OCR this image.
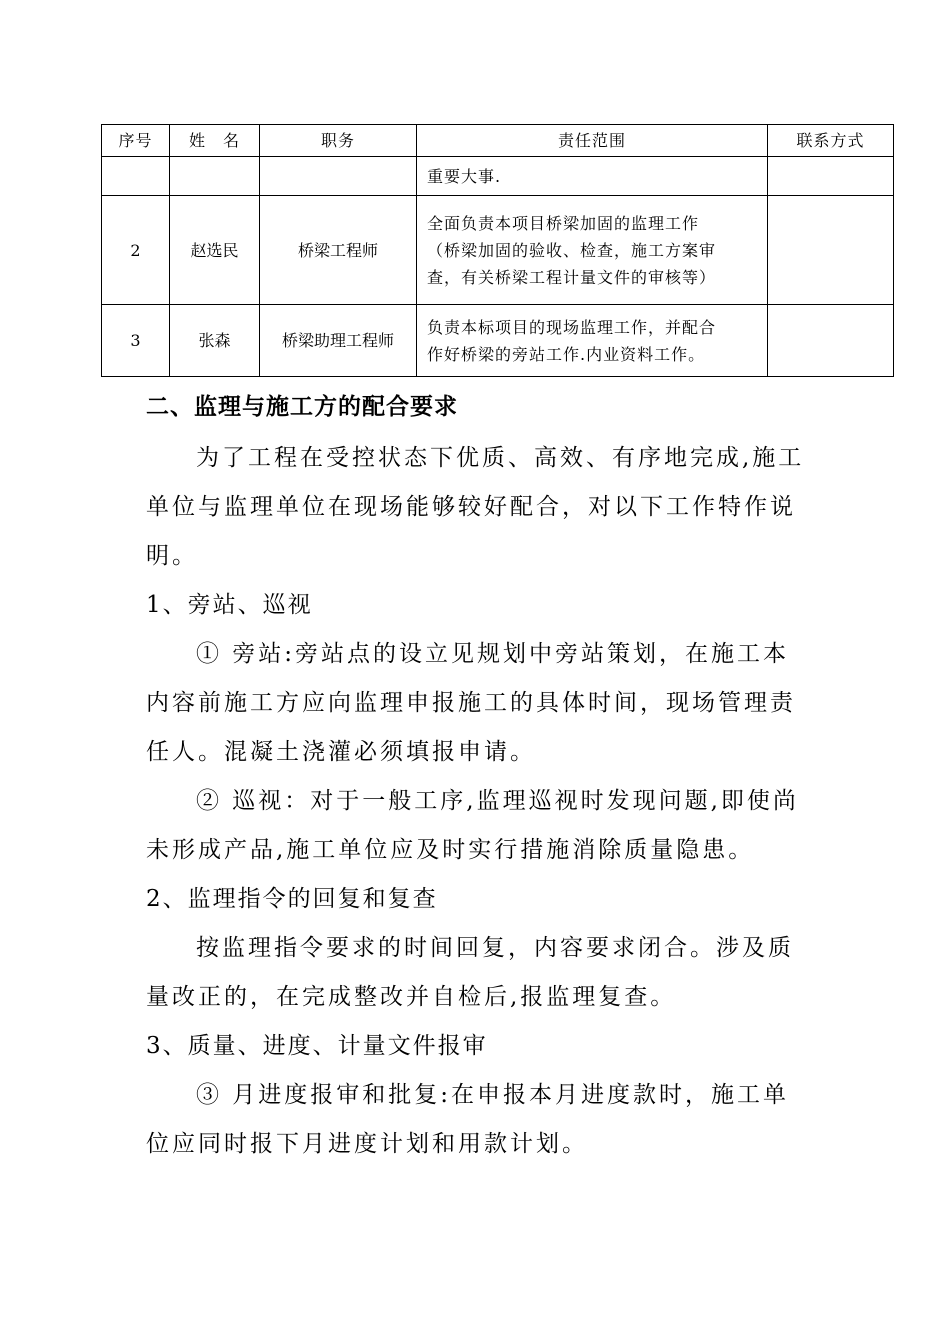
序号	姓　名	职务	责任范围	联系方式
			重要大事.	
2	赵选民	桥梁工程师	全面负责本项目桥梁加固的监理工作
（桥梁加固的验收、检查，施工方案审
查，有关桥梁工程计量文件的审核等）	

3	张森	桥梁助理工程师	负责本标项目的现场监理工作，并配合
作好桥梁的旁站工作.内业资料工作。	

二、监理与施工方的配合要求

为了工程在受控状态下优质、高效、有序地完成,施工单位与监理单位在现场能够较好配合，对以下工作特作说明。

1、旁站、巡视

① 旁站:旁站点的设立见规划中旁站策划，在施工本内容前施工方应向监理申报施工的具体时间，现场管理责任人。混凝土浇灌必须填报申请。

② 巡视：对于一般工序,监理巡视时发现问题,即使尚未形成产品,施工单位应及时实行措施消除质量隐患。

2、监理指令的回复和复查

按监理指令要求的时间回复，内容要求闭合。涉及质量改正的，在完成整改并自检后,报监理复查。

3、质量、进度、计量文件报审

③ 月进度报审和批复:在申报本月进度款时，施工单位应同时报下月进度计划和用款计划。
